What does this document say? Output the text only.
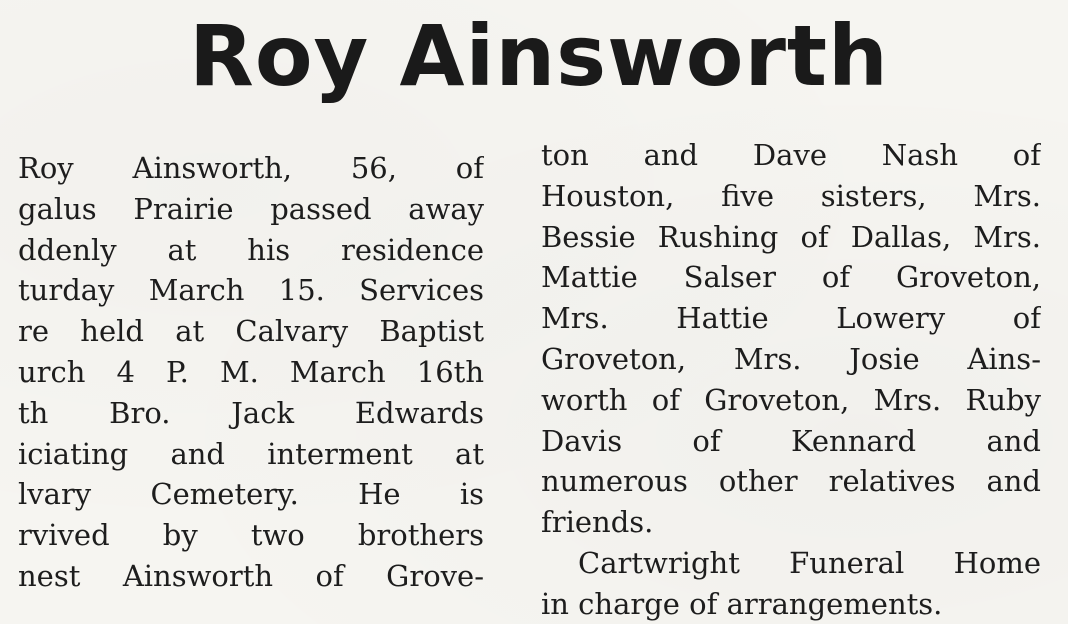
Roy Ainsworth
Roy Ainsworth, 56, of
galus Prairie passed away
ddenly at his residence
turday March 15. Services
re held at Calvary Baptist
urch 4 P. M. March 16th
th Bro. Jack Edwards
iciating and interment at
lvary Cemetery. He is
rvived by two brothers
nest Ainsworth of Grove-
ton and Dave Nash of
Houston, five sisters, Mrs.
Bessie Rushing of Dallas, Mrs.
Mattie Salser of Groveton,
Mrs. Hattie Lowery of
Groveton, Mrs. Josie Ains-
worth of Groveton, Mrs. Ruby
Davis of Kennard and
numerous other relatives and
friends.
Cartwright Funeral Home
in charge of arrangements.
